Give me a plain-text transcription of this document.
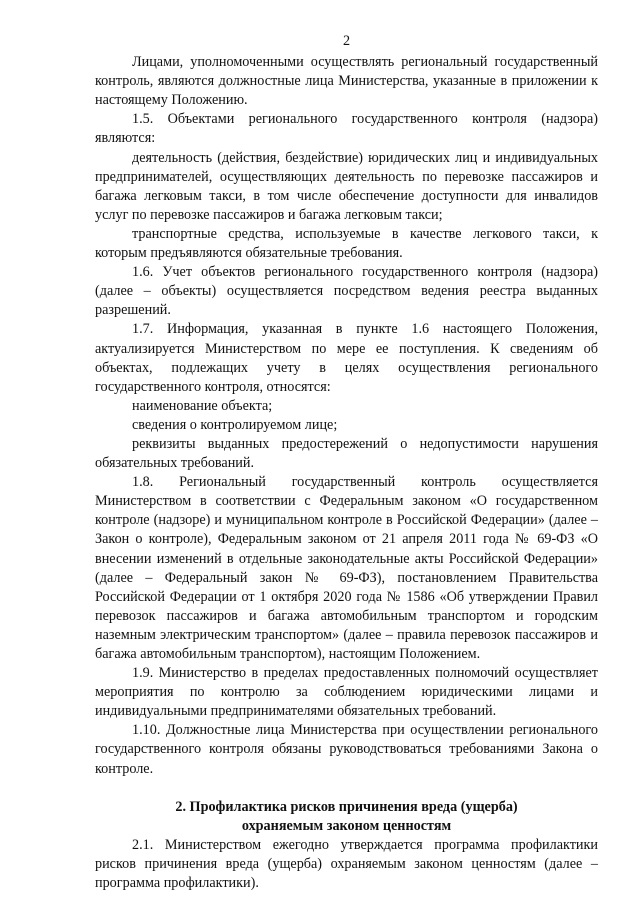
2

Лицами, уполномоченными осуществлять региональный государственный контроль, являются должностные лица Министерства, указанные в приложении к настоящему Положению.

1.5. Объектами регионального государственного контроля (надзора) являются:

деятельность (действия, бездействие) юридических лиц и индивидуальных предпринимателей, осуществляющих деятельность по перевозке пассажиров и багажа легковым такси, в том числе обеспечение доступности для инвалидов услуг по перевозке пассажиров и багажа легковым такси;

транспортные средства, используемые в качестве легкового такси, к которым предъявляются обязательные требования.

1.6. Учет объектов регионального государственного контроля (надзора) (далее – объекты) осуществляется посредством ведения реестра выданных разрешений.

1.7. Информация, указанная в пункте 1.6 настоящего Положения, актуализируется Министерством по мере ее поступления. К сведениям об объектах, подлежащих учету в целях осуществления регионального государственного контроля, относятся:

наименование объекта;

сведения о контролируемом лице;

реквизиты выданных предостережений о недопустимости нарушения обязательных требований.

1.8. Региональный государственный контроль осуществляется Министерством в соответствии с Федеральным законом «О государственном контроле (надзоре) и муниципальном контроле в Российской Федерации» (далее – Закон о контроле), Федеральным законом от 21 апреля 2011 года № 69-ФЗ «О внесении изменений в отдельные законодательные акты Российской Федерации» (далее – Федеральный закон № 69-ФЗ), постановлением Правительства Российской Федерации от 1 октября 2020 года № 1586 «Об утверждении Правил перевозок пассажиров и багажа автомобильным транспортом и городским наземным электрическим транспортом» (далее – правила перевозок пассажиров и багажа автомобильным транспортом), настоящим Положением.

1.9. Министерство в пределах предоставленных полномочий осуществляет мероприятия по контролю за соблюдением юридическими лицами и индивидуальными предпринимателями обязательных требований.

1.10. Должностные лица Министерства при осуществлении регионального государственного контроля обязаны руководствоваться требованиями Закона о контроле.

2. Профилактика рисков причинения вреда (ущерба)
охраняемым законом ценностям

2.1. Министерством ежегодно утверждается программа профилактики рисков причинения вреда (ущерба) охраняемым законом ценностям (далее – программа профилактики).
